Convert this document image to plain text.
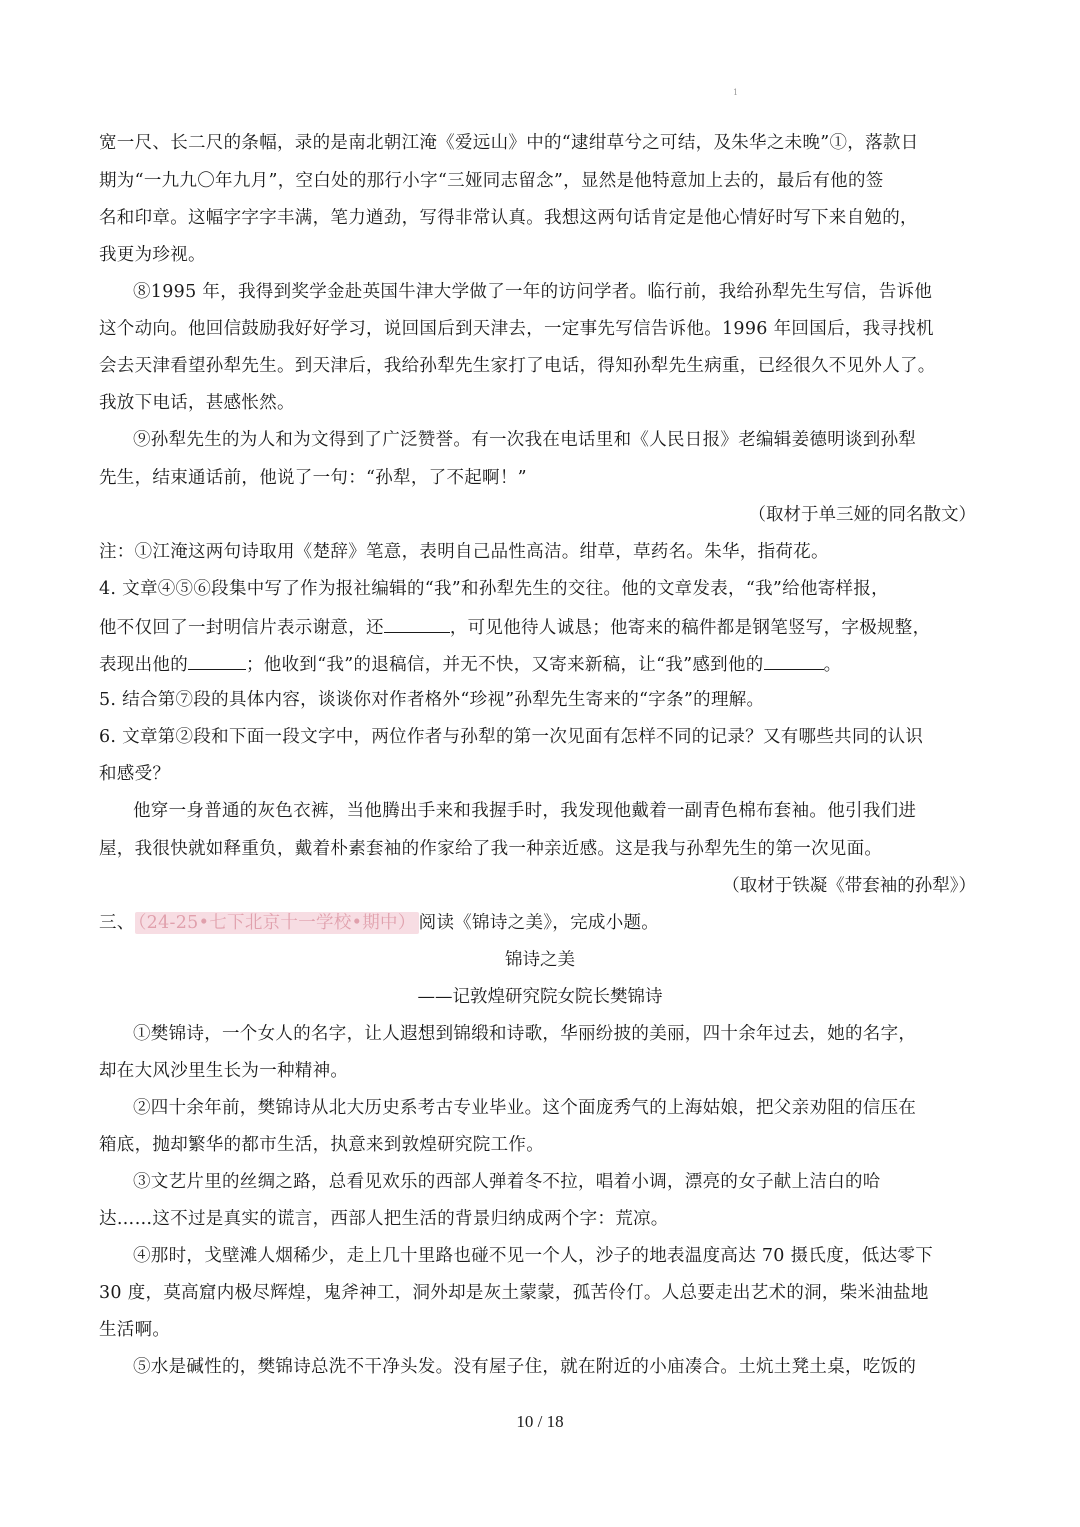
1
宽一尺、长二尺的条幅，录的是南北朝江淹《爱远山》中的“逮绀草兮之可结，及朱华之未晚”①，落款日
期为“一九九〇年九月”，空白处的那行小字“三娅同志留念”，显然是他特意加上去的，最后有他的签
名和印章。这幅字字字丰满，笔力遒劲，写得非常认真。我想这两句话肯定是他心情好时写下来自勉的，
我更为珍视。
⑧1995 年，我得到奖学金赴英国牛津大学做了一年的访问学者。临行前，我给孙犁先生写信，告诉他
这个动向。他回信鼓励我好好学习，说回国后到天津去，一定事先写信告诉他。1996 年回国后，我寻找机
会去天津看望孙犁先生。到天津后，我给孙犁先生家打了电话，得知孙犁先生病重，已经很久不见外人了。
我放下电话，甚感怅然。
⑨孙犁先生的为人和为文得到了广泛赞誉。有一次我在电话里和《人民日报》老编辑姜德明谈到孙犁
先生，结束通话前，他说了一句：“孙犁，了不起啊！”
（取材于单三娅的同名散文）
注：①江淹这两句诗取用《楚辞》笔意，表明自己品性高洁。绀草，草药名。朱华，指荷花。
4. 文章④⑤⑥段集中写了作为报社编辑的“我”和孙犁先生的交往。他的文章发表，“我”给他寄样报，
他不仅回了一封明信片表示谢意，还	，可见他待人诚恳；他寄来的稿件都是钢笔竖写，字极规整，
表现出他的	；他收到“我”的退稿信，并无不快，又寄来新稿，让“我”感到他的	。
5. 结合第⑦段的具体内容，谈谈你对作者格外“珍视”孙犁先生寄来的“字条”的理解。
6. 文章第②段和下面一段文字中，两位作者与孙犁的第一次见面有怎样不同的记录？又有哪些共同的认识
和感受？
他穿一身普通的灰色衣裤，当他腾出手来和我握手时，我发现他戴着一副青色棉布套袖。他引我们进
屋，我很快就如释重负，戴着朴素套袖的作家给了我一种亲近感。这是我与孙犁先生的第一次见面。
（取材于铁凝《带套袖的孙犁》）
三、 （24-25•七下北京十一学校•期中） 阅读《锦诗之美》，完成小题。
锦诗之美
——记敦煌研究院女院长樊锦诗
①樊锦诗，一个女人的名字，让人遐想到锦缎和诗歌，华丽纷披的美丽，四十余年过去，她的名字，
却在大风沙里生长为一种精神。
②四十余年前，樊锦诗从北大历史系考古专业毕业。这个面庞秀气的上海姑娘，把父亲劝阻的信压在
箱底，抛却繁华的都市生活，执意来到敦煌研究院工作。
③文艺片里的丝绸之路，总看见欢乐的西部人弹着冬不拉，唱着小调，漂亮的女子献上洁白的哈
达……这不过是真实的谎言，西部人把生活的背景归纳成两个字：荒凉。
④那时，戈壁滩人烟稀少，走上几十里路也碰不见一个人，沙子的地表温度高达 70 摄氏度，低达零下
30 度，莫高窟内极尽辉煌，鬼斧神工，洞外却是灰土蒙蒙，孤苦伶仃。人总要走出艺术的洞，柴米油盐地
生活啊。
⑤水是碱性的，樊锦诗总洗不干净头发。没有屋子住，就在附近的小庙凑合。土炕土凳土桌，吃饭的
10 / 18
